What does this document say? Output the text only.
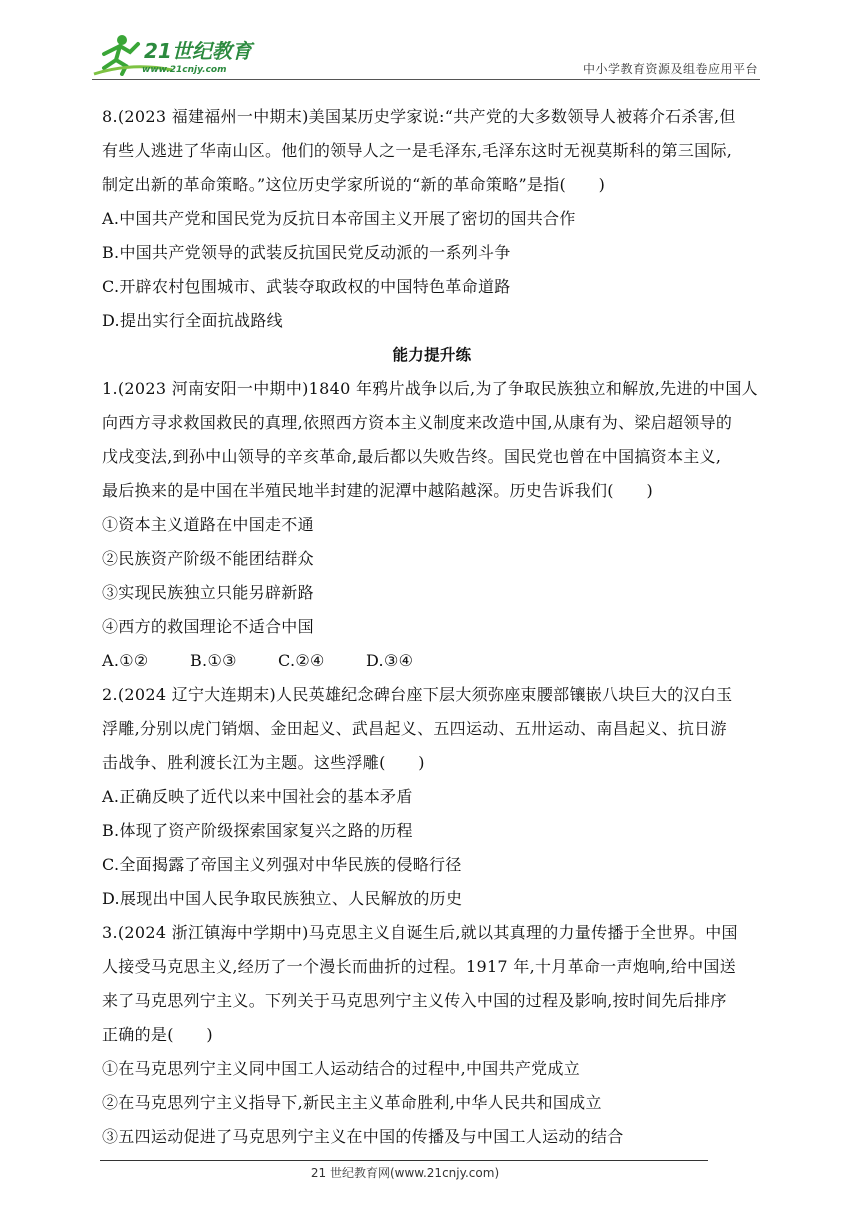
21世纪教育
www.21cnjy.com	中小学教育资源及组卷应用平台
8.(2023 福建福州一中期末)美国某历史学家说:“共产党的大多数领导人被蒋介石杀害,但
有些人逃进了华南山区。他们的领导人之一是毛泽东,毛泽东这时无视莫斯科的第三国际,
制定出新的革命策略。”这位历史学家所说的“新的革命策略”是指(　　)
A.中国共产党和国民党为反抗日本帝国主义开展了密切的国共合作
B.中国共产党领导的武装反抗国民党反动派的一系列斗争
C.开辟农村包围城市、武装夺取政权的中国特色革命道路
D.提出实行全面抗战路线
能力提升练
1.(2023 河南安阳一中期中)1840 年鸦片战争以后,为了争取民族独立和解放,先进的中国人
向西方寻求救国救民的真理,依照西方资本主义制度来改造中国,从康有为、梁启超领导的
戊戌变法,到孙中山领导的辛亥革命,最后都以失败告终。国民党也曾在中国搞资本主义,
最后换来的是中国在半殖民地半封建的泥潭中越陷越深。历史告诉我们(　　)
①资本主义道路在中国走不通
②民族资产阶级不能团结群众
③实现民族独立只能另辟新路
④西方的救国理论不适合中国
A.①②	B.①③	C.②④	D.③④
2.(2024 辽宁大连期末)人民英雄纪念碑台座下层大须弥座束腰部镶嵌八块巨大的汉白玉
浮雕,分别以虎门销烟、金田起义、武昌起义、五四运动、五卅运动、南昌起义、抗日游
击战争、胜利渡长江为主题。这些浮雕(　　)
A.正确反映了近代以来中国社会的基本矛盾
B.体现了资产阶级探索国家复兴之路的历程
C.全面揭露了帝国主义列强对中华民族的侵略行径
D.展现出中国人民争取民族独立、人民解放的历史
3.(2024 浙江镇海中学期中)马克思主义自诞生后,就以其真理的力量传播于全世界。中国
人接受马克思主义,经历了一个漫长而曲折的过程。1917 年,十月革命一声炮响,给中国送
来了马克思列宁主义。下列关于马克思列宁主义传入中国的过程及影响,按时间先后排序
正确的是(　　)
①在马克思列宁主义同中国工人运动结合的过程中,中国共产党成立
②在马克思列宁主义指导下,新民主主义革命胜利,中华人民共和国成立
③五四运动促进了马克思列宁主义在中国的传播及与中国工人运动的结合
21 世纪教育网(www.21cnjy.com)
